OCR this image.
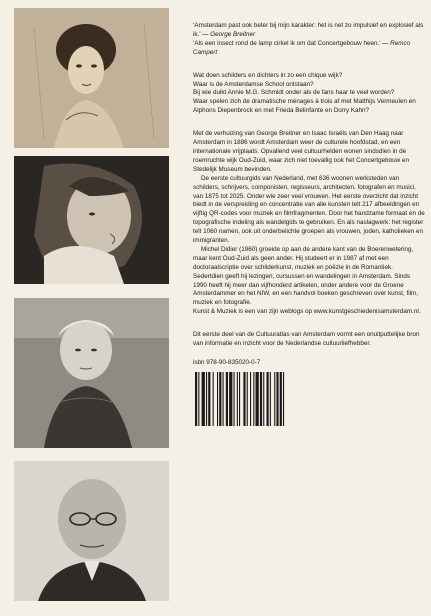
‘Amsterdam past ook beter bij mijn karakter: het is net zo impulsief en explosief als ik.’ — George Breitner

‘Als een insect rond de lamp cirkel ik om dat Concertgebouw heen.’ — Remco Campert

Wat doen schilders en dichters in zo een chique wijk?

Waar is de Amsterdamse School ontstaan?

Bij wie duikt Annie M.G. Schmidt onder als de fans haar te veel worden?

Waar spelen zich de dramatische ménages à trois af met Matthijs Vermeulen en Alphons Diepenbrock en met Frieda Belinfante en Dorry Kahn?

Met de verhuizing van George Breitner en Isaac Israëls van Den Haag naar Amsterdam in 1886 wordt Amsterdam weer de culturele hoofdstad, en een internationale vrijplaats. Opvallend veel cultuurhelden wonen sindsdien in de roemruchte wijk Oud-Zuid, waar zich niet toevallig ook het Concertgebouw en Stedelijk Museum bevinden.

De eerste cultuurgids van Nederland, met 636 woonen werksteden van schilders, schrijvers, componisten, regisseurs, architecten, fotografen en musici, van 1875 tot 2025. Onder wie zeer veel vrouwen. Het eerste overzicht dat inzicht biedt in de verspreiding en concentratie van alle kunsten telt 217 afbeeldingen en vijftig QR-codes voor muziek en filmfragmenten. Door het handzame formaat en de topografische indeling als wandelgids te gebruiken. En als naslagwerk: het register telt 1060 namen, ook uit onderbelichte groepen als vrouwen, joden, katholieken en immigranten.

Michel Didier (1960) groeide op aan de andere kant van de Boerenwetering, maar kent Oud-Zuid als geen ander. Hij studeert er in 1987 af met een doctoraalscriptie over schilderkunst, muziek en poëzie in de Romantiek. Sedertdien geeft hij lezingen, cursussen en wandelingen in Amsterdam. Sinds 1990 heeft hij meer dan vijfhonderd artikelen, onder andere voor de Groene Amsterdammer en het NIW, en een handvol boeken geschreven over kunst, film, muziek en fotografie.

Kunst & Muziek is een van zijn weblogs op www.kunstgeschiedenisamsterdam.nl.

Dit eerste deel van de Cultuuratlas van Amsterdam vormt een onuitputtelijke bron van informatie en inzicht voor de Nederlandse cultuurliefhebber.

isbn 978-90-835020-0-7
